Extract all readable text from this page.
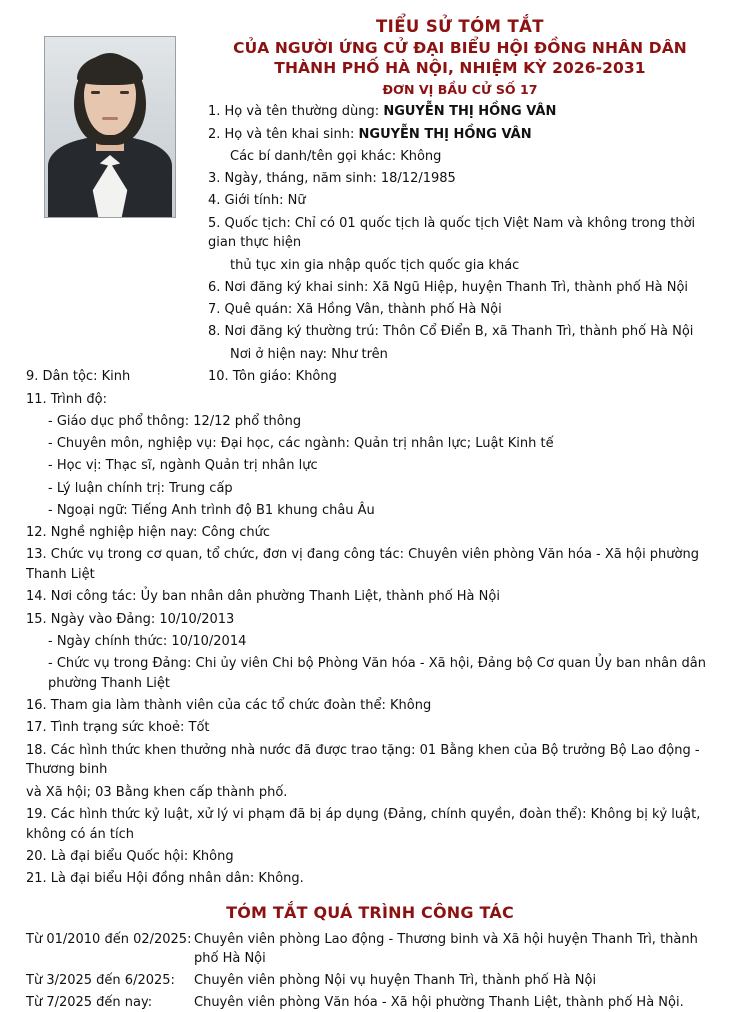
TIỂU SỬ TÓM TẮT
CỦA NGƯỜI ỨNG CỬ ĐẠI BIỂU HỘI ĐỒNG NHÂN DÂN
THÀNH PHỐ HÀ NỘI, NHIỆM KỲ 2026-2031
ĐƠN VỊ BẦU CỬ SỐ 17
1. Họ và tên thường dùng: NGUYỄN THỊ HỒNG VÂN
2. Họ và tên khai sinh: NGUYỄN THỊ HỒNG VÂN
Các bí danh/tên gọi khác: Không
3. Ngày, tháng, năm sinh: 18/12/1985
4. Giới tính: Nữ
5. Quốc tịch: Chỉ có 01 quốc tịch là quốc tịch Việt Nam và không trong thời gian thực hiện
thủ tục xin gia nhập quốc tịch quốc gia khác
6. Nơi đăng ký khai sinh: Xã Ngũ Hiệp, huyện Thanh Trì, thành phố Hà Nội
7. Quê quán: Xã Hồng Vân, thành phố Hà Nội
8. Nơi đăng ký thường trú: Thôn Cổ Điển B, xã Thanh Trì, thành phố Hà Nội
Nơi ở hiện nay: Như trên
9. Dân tộc: Kinh	10. Tôn giáo: Không
11. Trình độ:
- Giáo dục phổ thông: 12/12 phổ thông
- Chuyên môn, nghiệp vụ: Đại học, các ngành: Quản trị nhân lực; Luật Kinh tế
- Học vị: Thạc sĩ, ngành Quản trị nhân lực
- Lý luận chính trị: Trung cấp
- Ngoại ngữ: Tiếng Anh trình độ B1 khung châu Âu
12. Nghề nghiệp hiện nay: Công chức
13. Chức vụ trong cơ quan, tổ chức, đơn vị đang công tác: Chuyên viên phòng Văn hóa - Xã hội phường Thanh Liệt
14. Nơi công tác: Ủy ban nhân dân phường Thanh Liệt, thành phố Hà Nội
15. Ngày vào Đảng: 10/10/2013
- Ngày chính thức: 10/10/2014
- Chức vụ trong Đảng: Chi ủy viên Chi bộ Phòng Văn hóa - Xã hội, Đảng bộ Cơ quan Ủy ban nhân dân phường Thanh Liệt
16. Tham gia làm thành viên của các tổ chức đoàn thể: Không
17. Tình trạng sức khoẻ: Tốt
18. Các hình thức khen thưởng nhà nước đã được trao tặng: 01 Bằng khen của Bộ trưởng Bộ Lao động - Thương binh
và Xã hội; 03 Bằng khen cấp thành phố.
19. Các hình thức kỷ luật, xử lý vi phạm đã bị áp dụng (Đảng, chính quyền, đoàn thể): Không bị kỷ luật, không có án tích
20. Là đại biểu Quốc hội: Không
21. Là đại biểu Hội đồng nhân dân: Không.
TÓM TẮT QUÁ TRÌNH CÔNG TÁC
Từ 01/2010 đến 02/2025: Chuyên viên phòng Lao động - Thương binh và Xã hội huyện Thanh Trì, thành phố Hà Nội
Từ 3/2025 đến 6/2025:	Chuyên viên phòng Nội vụ huyện Thanh Trì, thành phố Hà Nội
Từ 7/2025 đến nay:	Chuyên viên phòng Văn hóa - Xã hội phường Thanh Liệt, thành phố Hà Nội.
